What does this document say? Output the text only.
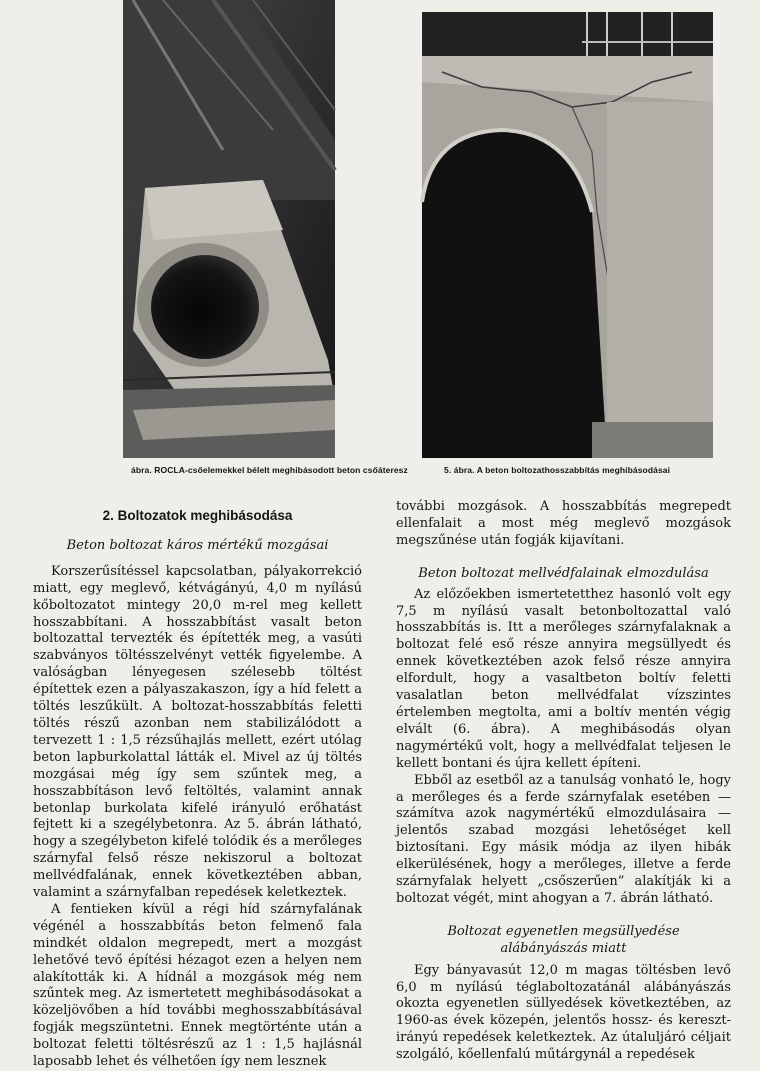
ábra. ROCLA-csőelemekkel bélelt meghibásodott beton csőáteresz	5. ábra. A beton boltozathosszabbítás meghibásodásai
2. Boltozatok meghibásodása
Beton boltozat káros mértékű mozgásai

Korszerűsítéssel kapcsolatban, pályakorrekció miatt, egy meglevő, kétvágányú, 4,0 m nyílású kőboltozatot mintegy 20,0 m-rel meg kellett hosszabbítani. A hosszabbítást vasalt beton boltozattal tervezték és építették meg, a vasúti szabványos töltésszelvényt vették figyelembe. A valóságban lényegesen szélesebb töltést építettek ezen a pályaszakaszon, így a híd felett a töltés leszűkült. A boltozat-hosszabbítás feletti töltés részű azonban nem stabilizálódott a tervezett 1 : 1,5 rézsűhajlás mellett, ezért utólag beton lapburkolattal látták el. Mivel az új töltés mozgásai még így sem szűntek meg, a hosszabbításon levő feltöltés, valamint annak betonlap burkolata kifelé irányuló erőhatást fejtett ki a szegélybetonra. Az 5. ábrán látható, hogy a szegélybeton kifelé tolódik és a merőleges szárnyfal felső része nekiszorul a boltozat mellvédfalának, ennek következtében abban, valamint a szárnyfalban repedések keletkeztek.

A fentieken kívül a régi híd szárnyfalának végénél a hosszabbítás beton felmenő fala mindkét oldalon megrepedt, mert a mozgást lehetővé tevő építési hézagot ezen a helyen nem alakították ki. A hídnál a mozgások még nem szűntek meg. Az ismertetett meghibásodásokat a közeljövőben a híd további meghosszabbításával fogják megszüntetni. Ennek megtörténte után a boltozat feletti töltésrészű az 1 : 1,5 hajlásnál laposabb lehet és vélhetően így nem lesznek

további mozgások. A hosszabbítás megrepedt ellenfalait a most még meglevő mozgások megszűnése után fogják kijavítani.

Beton boltozat mellvédfalainak elmozdulása

Az előzőekben ismertetetthez hasonló volt egy 7,5 m nyílású vasalt betonboltozattal való hosszabbítás is. Itt a merőleges szárnyfalaknak a boltozat felé eső része annyira megsüllyedt és ennek következtében azok felső része annyira elfordult, hogy a vasaltbeton boltív feletti vasalatlan beton mellvédfalat vízszintes értelemben megtolta, ami a boltív mentén végig elvált (6. ábra). A meghibásodás olyan nagymértékű volt, hogy a mellvédfalat teljesen le kellett bontani és újra kellett építeni.

Ebből az esetből az a tanulság vonható le, hogy a merőleges és a ferde szárnyfalak esetében — számítva azok nagymértékű elmozdulásaira — jelentős szabad mozgási lehetőséget kell biztosítani. Egy másik módja az ilyen hibák elkerülésének, hogy a merőleges, illetve a ferde szárnyfalak helyett „csőszerűen” alakítják ki a boltozat végét, mint ahogyan a 7. ábrán látható.

Boltozat egyenetlen megsüllyedése
alábányászás miatt

Egy bányavasút 12,0 m magas töltésben levő 6,0 m nyílású téglaboltozatánál alábányászás okozta egyenetlen süllyedések következtében, az 1960-as évek közepén, jelentős hossz- és keresztirányú repedések keletkeztek. Az útaluljáró céljait szolgáló, kőellenfalú műtárgynál a repedések
